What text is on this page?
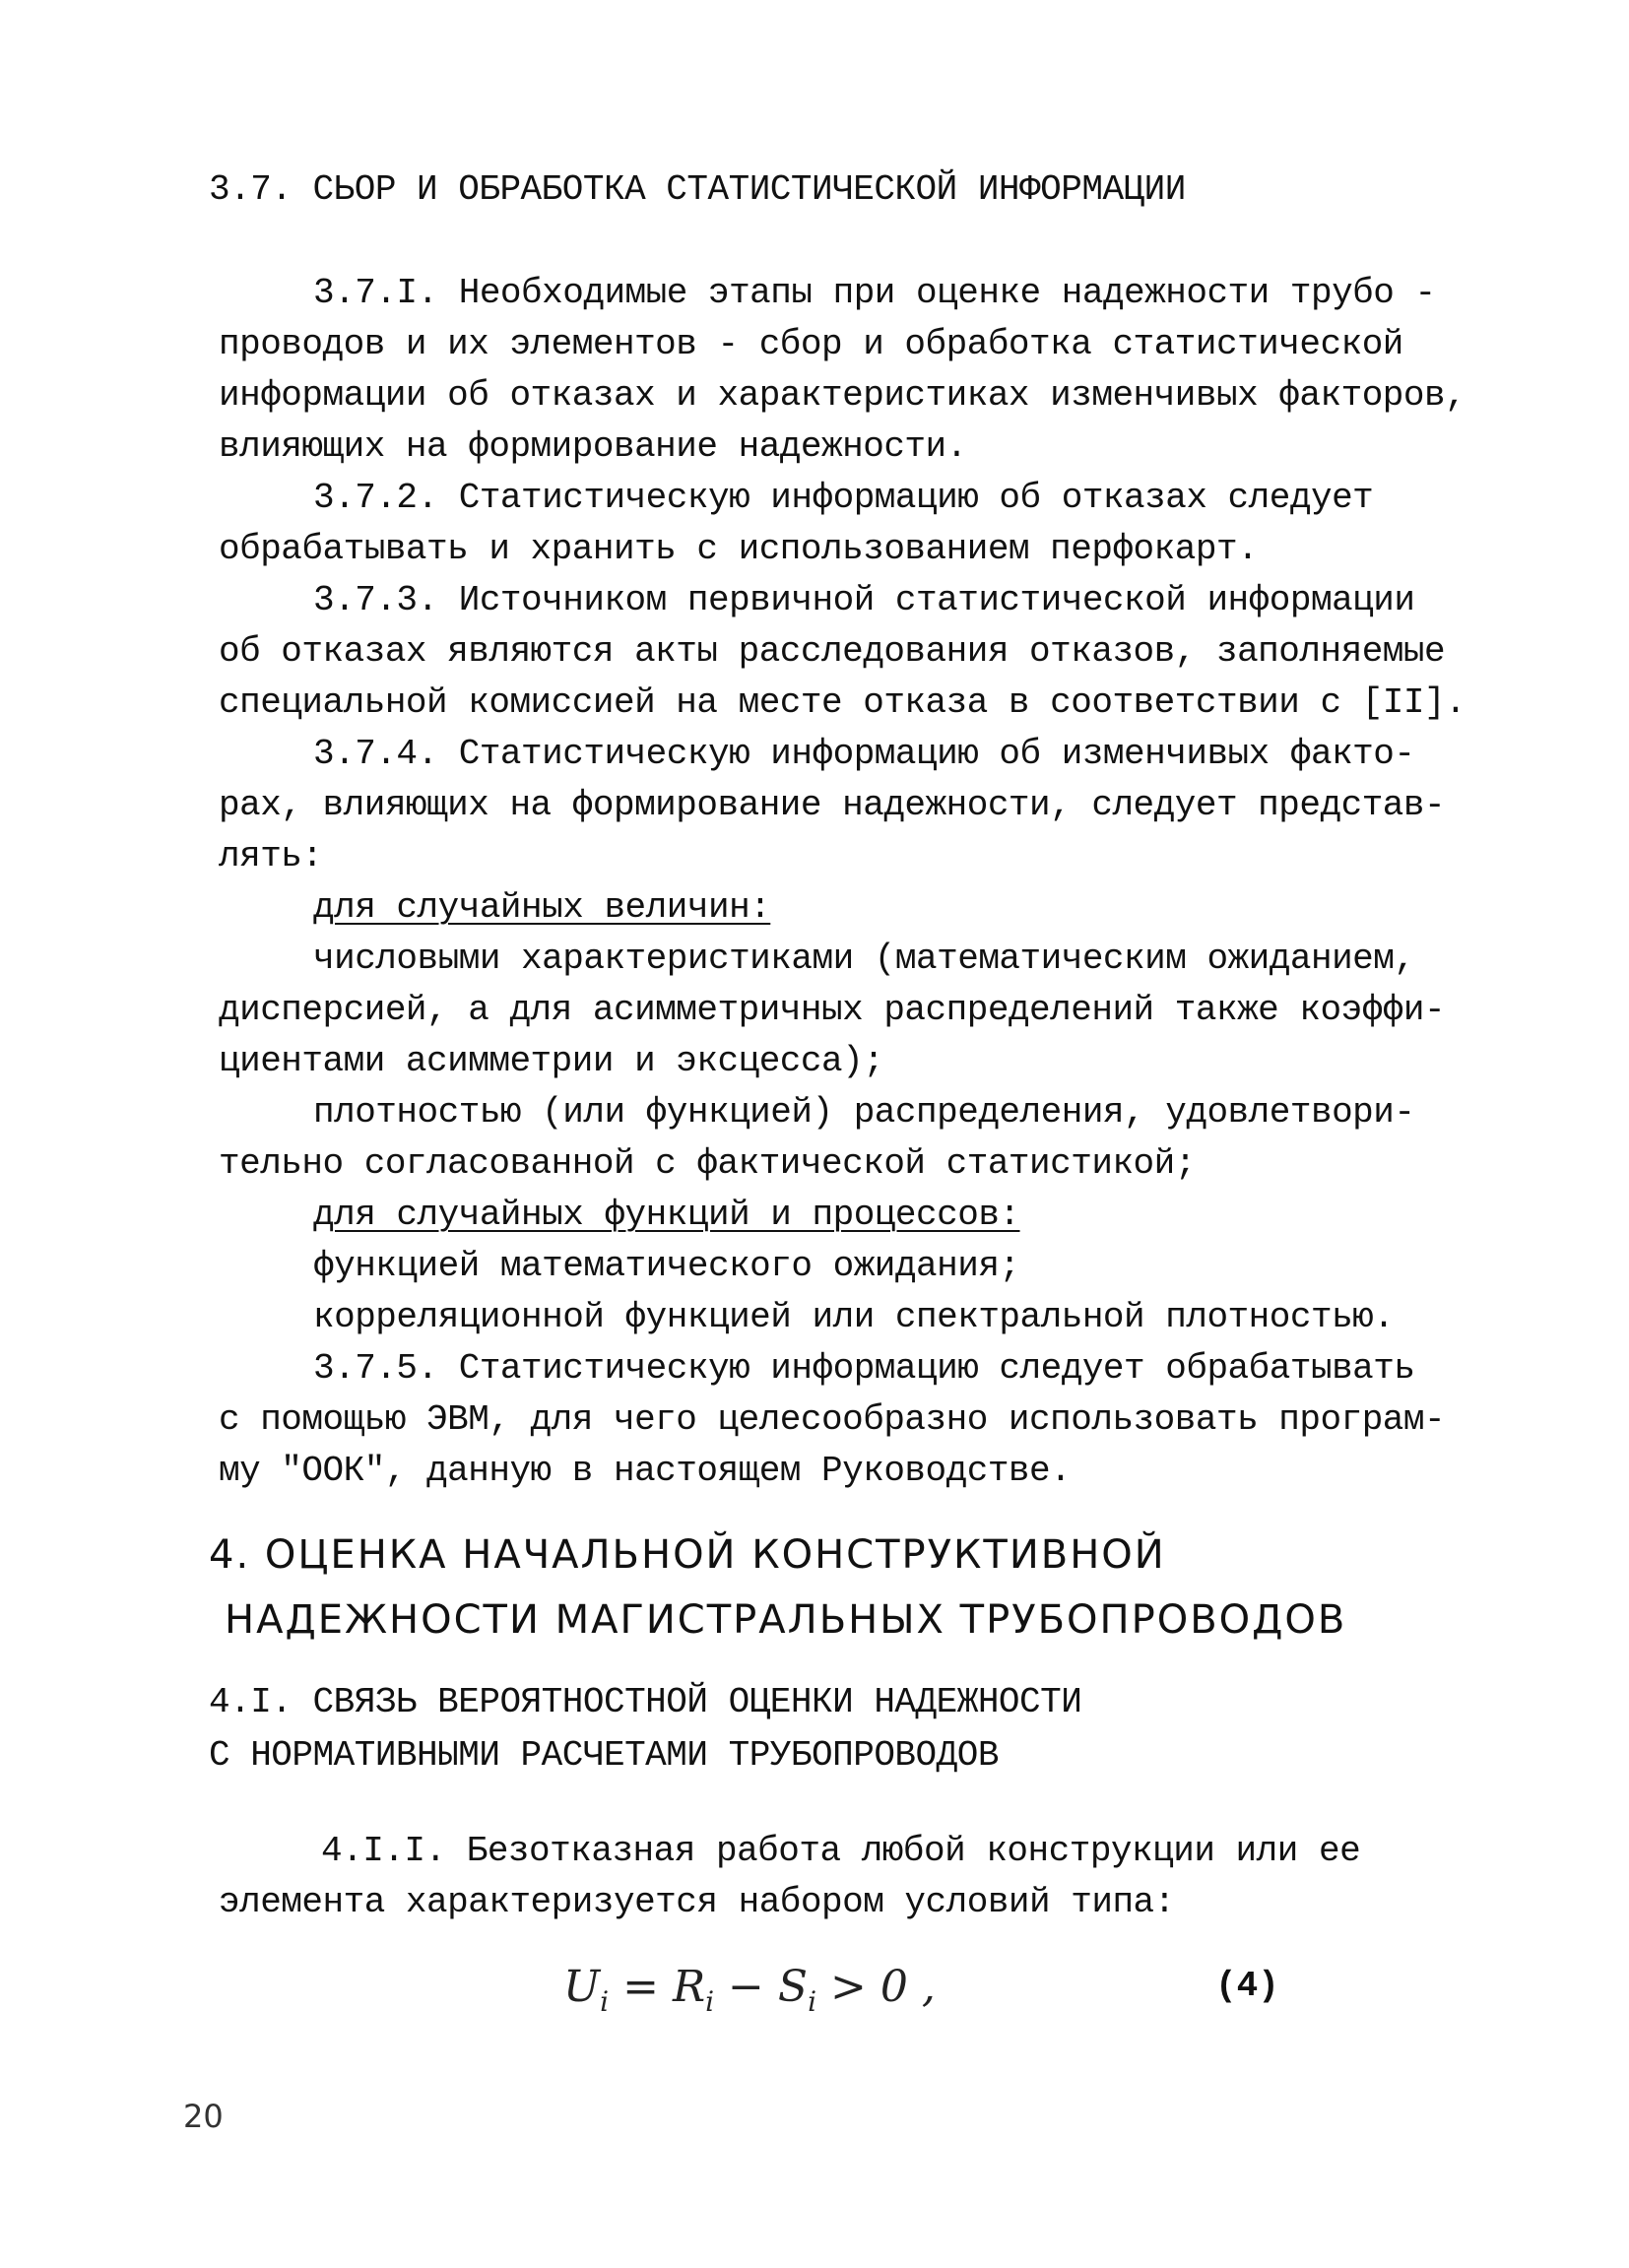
3.7. СЬОР И ОБРАБОТКА СТАТИСТИЧЕСКОЙ ИНФОРМАЦИИ
3.7.I. Необходимые этапы при оценке надежности трубо -
проводов и их элементов - сбор и обработка статистической
информации об отказах и характеристиках изменчивых факторов,
влияющих на формирование надежности.
3.7.2. Статистическую информацию об отказах следует
обрабатывать и хранить с использованием перфокарт.
3.7.3. Источником первичной статистической информации
об отказах являются акты расследования отказов, заполняемые
специальной комиссией на месте отказа в соответствии с [II].
3.7.4. Статистическую информацию об изменчивых факто-
рах, влияющих на формирование надежности, следует представ-
лять:
для случайных величин:
числовыми характеристиками (математическим ожиданием,
дисперсией, а для асимметричных распределений также коэффи-
циентами асимметрии и эксцесса);
плотностью (или функцией) распределения, удовлетвори-
тельно согласованной с фактической статистикой;
для случайных функций и процессов:
функцией математического ожидания;
корреляционной функцией или спектральной плотностью.
3.7.5. Статистическую информацию следует обрабатывать
с помощью ЭВМ, для чего целесообразно использовать програм-
му "ООК", данную в настоящем Руководстве.
4. ОЦЕНКА НАЧАЛЬНОЙ КОНСТРУКТИВНОЙ
НАДЕЖНОСТИ МАГИСТРАЛЬНЫХ ТРУБОПРОВОДОВ
4.I. СВЯЗЬ ВЕРОЯТНОСТНОЙ ОЦЕНКИ НАДЕЖНОСТИ
С НОРМАТИВНЫМИ РАСЧЕТАМИ ТРУБОПРОВОДОВ
4.I.I. Безотказная работа любой конструкции или ее
элемента характеризуется набором условий типа:
$U_i = R_i - S_i > 0$ ,	(4)
20
